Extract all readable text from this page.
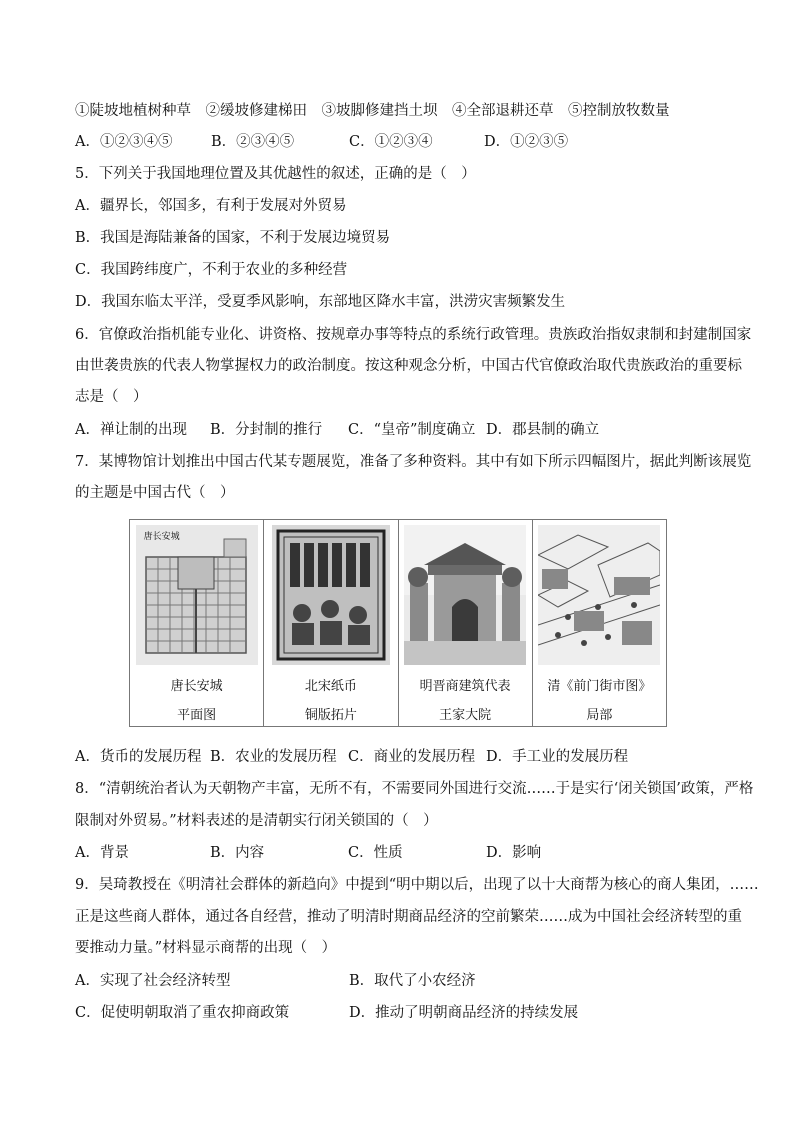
①陡坡地植树种草　②缓坡修建梯田　③坡脚修建挡土坝　④全部退耕还草　⑤控制放牧数量
A．①②③④⑤	B．②③④⑤	C．①②③④	D．①②③⑤
5．下列关于我国地理位置及其优越性的叙述，正确的是（　）
A．疆界长，邻国多，有利于发展对外贸易
B．我国是海陆兼备的国家，不利于发展边境贸易
C．我国跨纬度广，不利于农业的多种经营
D．我国东临太平洋，受夏季风影响，东部地区降水丰富，洪涝灾害频繁发生
6．官僚政治指机能专业化、讲资格、按规章办事等特点的系统行政管理。贵族政治指奴隶制和封建制国家
由世袭贵族的代表人物掌握权力的政治制度。按这种观念分析，中国古代官僚政治取代贵族政治的重要标
志是（　）
A．禅让制的出现 B．分封制的推行 C．“皇帝”制度确立 D．郡县制的确立
7．某博物馆计划推出中国古代某专题展览，准备了多种资料。其中有如下所示四幅图片，据此判断该展览
的主题是中国古代（　）
唐长安城
唐长安城
平面图
北宋纸币
铜版拓片
明晋商建筑代表
王家大院
清《前门街市图》
局部
A．货币的发展历程 B．农业的发展历程 C．商业的发展历程 D．手工业的发展历程
8．“清朝统治者认为天朝物产丰富，无所不有，不需要同外国进行交流……于是实行‘闭关锁国’政策，严格
限制对外贸易。”材料表述的是清朝实行闭关锁国的（　）
A．背景	B．内容	C．性质	D．影响
9．吴琦教授在《明清社会群体的新趋向》中提到“明中期以后，出现了以十大商帮为核心的商人集团，……
正是这些商人群体，通过各自经营，推动了明清时期商品经济的空前繁荣……成为中国社会经济转型的重
要推动力量。”材料显示商帮的出现（　）
A．实现了社会经济转型	B．取代了小农经济
C．促使明朝取消了重农抑商政策	D．推动了明朝商品经济的持续发展
